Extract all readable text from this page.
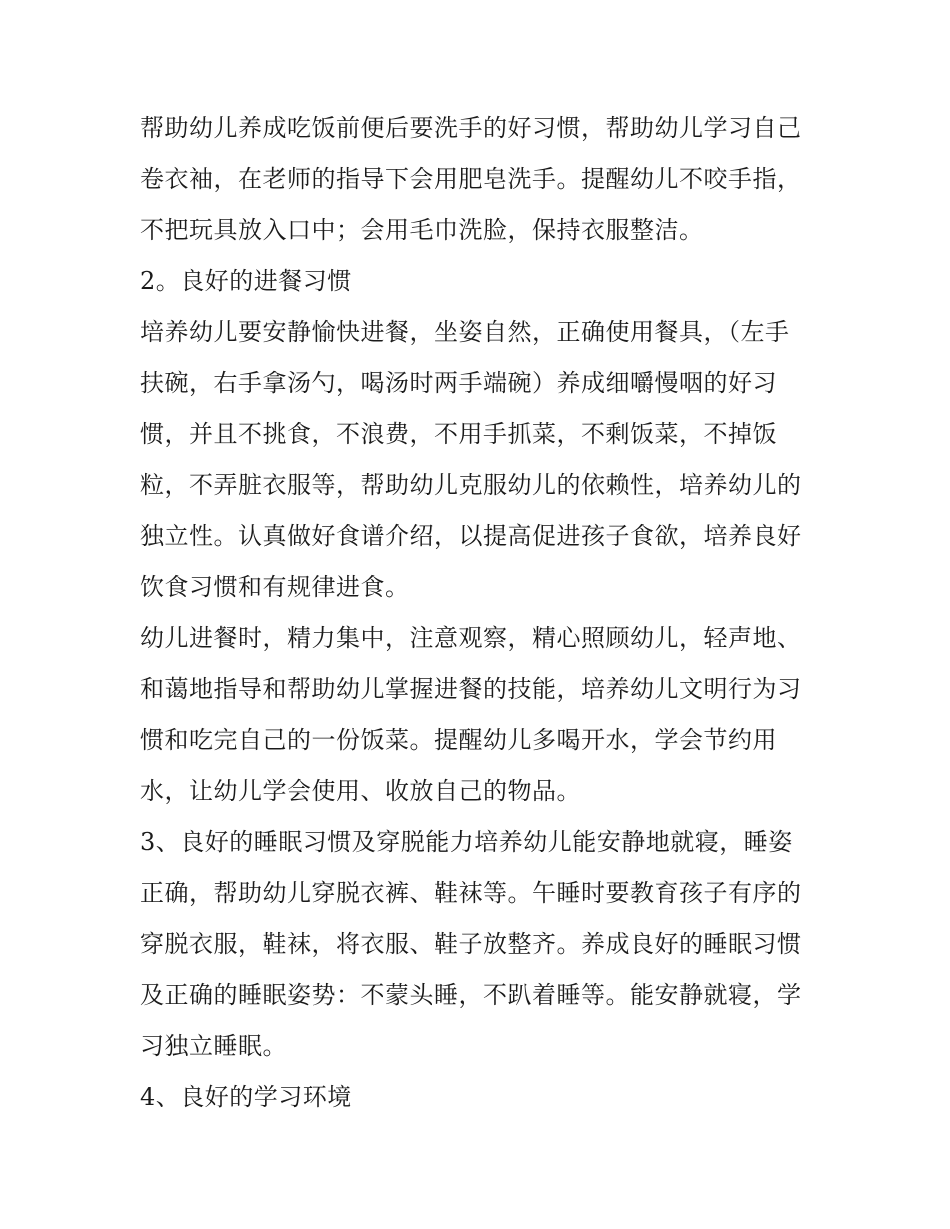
帮助幼儿养成吃饭前便后要洗手的好习惯，帮助幼儿学习自己
卷衣袖，在老师的指导下会用肥皂洗手。提醒幼儿不咬手指，
不把玩具放入口中；会用毛巾洗脸，保持衣服整洁。
2。良好的进餐习惯
培养幼儿要安静愉快进餐，坐姿自然，正确使用餐具，（左手
扶碗，右手拿汤勺，喝汤时两手端碗）养成细嚼慢咽的好习
惯，并且不挑食，不浪费，不用手抓菜，不剩饭菜，不掉饭
粒，不弄脏衣服等，帮助幼儿克服幼儿的依赖性，培养幼儿的
独立性。认真做好食谱介绍，以提高促进孩子食欲，培养良好
饮食习惯和有规律进食。
幼儿进餐时，精力集中，注意观察，精心照顾幼儿，轻声地、
和蔼地指导和帮助幼儿掌握进餐的技能，培养幼儿文明行为习
惯和吃完自己的一份饭菜。提醒幼儿多喝开水，学会节约用
水，让幼儿学会使用、收放自己的物品。
3、良好的睡眠习惯及穿脱能力培养幼儿能安静地就寝，睡姿
正确，帮助幼儿穿脱衣裤、鞋袜等。午睡时要教育孩子有序的
穿脱衣服，鞋袜，将衣服、鞋子放整齐。养成良好的睡眠习惯
及正确的睡眠姿势：不蒙头睡，不趴着睡等。能安静就寝，学
习独立睡眠。
4、良好的学习环境
